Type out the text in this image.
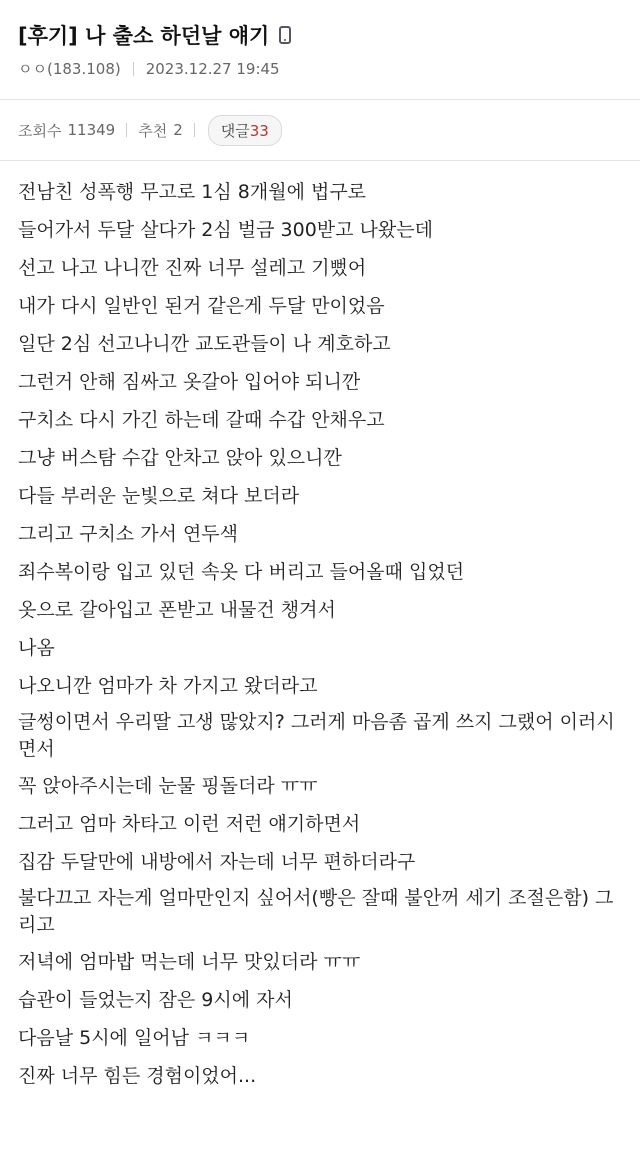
[후기] 나 출소 하던날 얘기
ㅇㅇ(183.108) 2023.12.27 19:45
조회수 11349 추천 2	댓글33
전남친 성폭행 무고로 1심 8개월에 법구로
들어가서 두달 살다가 2심 벌금 300받고 나왔는데
선고 나고 나니깐 진짜 너무 설레고 기뻤어
내가 다시 일반인 된거 같은게 두달 만이었음
일단 2심 선고나니깐 교도관들이 나 계호하고
그런거 안해 짐싸고 옷갈아 입어야 되니깐
구치소 다시 가긴 하는데 갈때 수갑 안채우고
그냥 버스탐 수갑 안차고 앉아 있으니깐
다들 부러운 눈빛으로 쳐다 보더라
그리고 구치소 가서 연두색
죄수복이랑 입고 있던 속옷 다 버리고 들어올때 입었던
옷으로 갈아입고 폰받고 내물건 챙겨서
나옴
나오니깐 엄마가 차 가지고 왔더라고
글썽이면서 우리딸 고생 많았지? 그러게 마음좀 곱게 쓰지 그랬어 이러시면서
꼭 앉아주시는데 눈물 핑돌더라 ㅠㅠ
그러고 엄마 차타고 이런 저런 얘기하면서
집감 두달만에 내방에서 자는데 너무 편하더라구
불다끄고 자는게 얼마만인지 싶어서(빵은 잘때 불안꺼 세기 조절은함) 그리고
저녁에 엄마밥 먹는데 너무 맛있더라 ㅠㅠ
습관이 들었는지 잠은 9시에 자서
다음날 5시에 일어남 ㅋㅋㅋ
진짜 너무 힘든 경험이었어...
